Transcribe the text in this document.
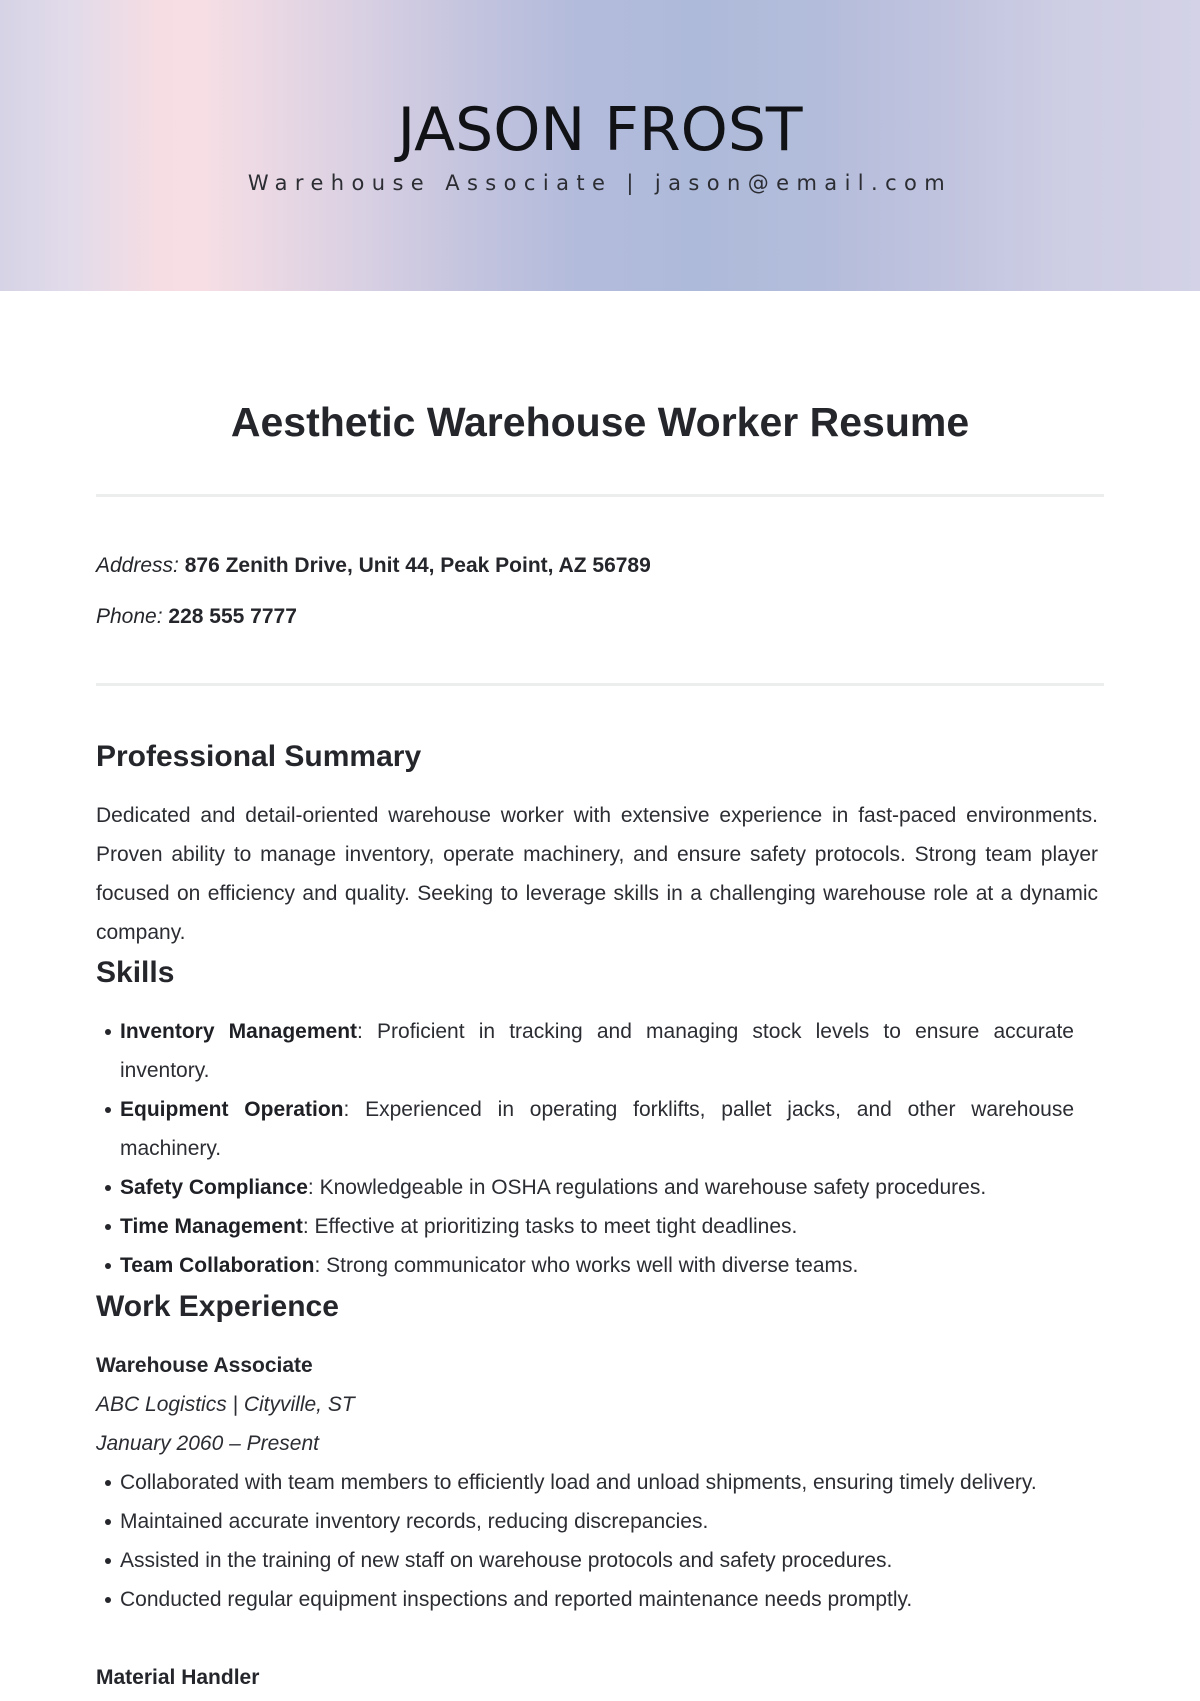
JASON FROST
Warehouse Associate | jason@email.com
Aesthetic Warehouse Worker Resume
Address: 876 Zenith Drive, Unit 44, Peak Point, AZ 56789
Phone: 228 555 7777
Professional Summary

Dedicated and detail-oriented warehouse worker with extensive experience in fast-paced environments. Proven ability to manage inventory, operate machinery, and ensure safety protocols. Strong team player focused on efficiency and quality. Seeking to leverage skills in a challenging warehouse role at a dynamic company.

Skills
Inventory Management: Proficient in tracking and managing stock levels to ensure accurate inventory.
Equipment Operation: Experienced in operating forklifts, pallet jacks, and other warehouse machinery.
Safety Compliance: Knowledgeable in OSHA regulations and warehouse safety procedures.
Time Management: Effective at prioritizing tasks to meet tight deadlines.
Team Collaboration: Strong communicator who works well with diverse teams.
Work Experience
Warehouse Associate
ABC Logistics | Cityville, ST
January 2060 – Present
Collaborated with team members to efficiently load and unload shipments, ensuring timely delivery.
Maintained accurate inventory records, reducing discrepancies.
Assisted in the training of new staff on warehouse protocols and safety procedures.
Conducted regular equipment inspections and reported maintenance needs promptly.
Material Handler
